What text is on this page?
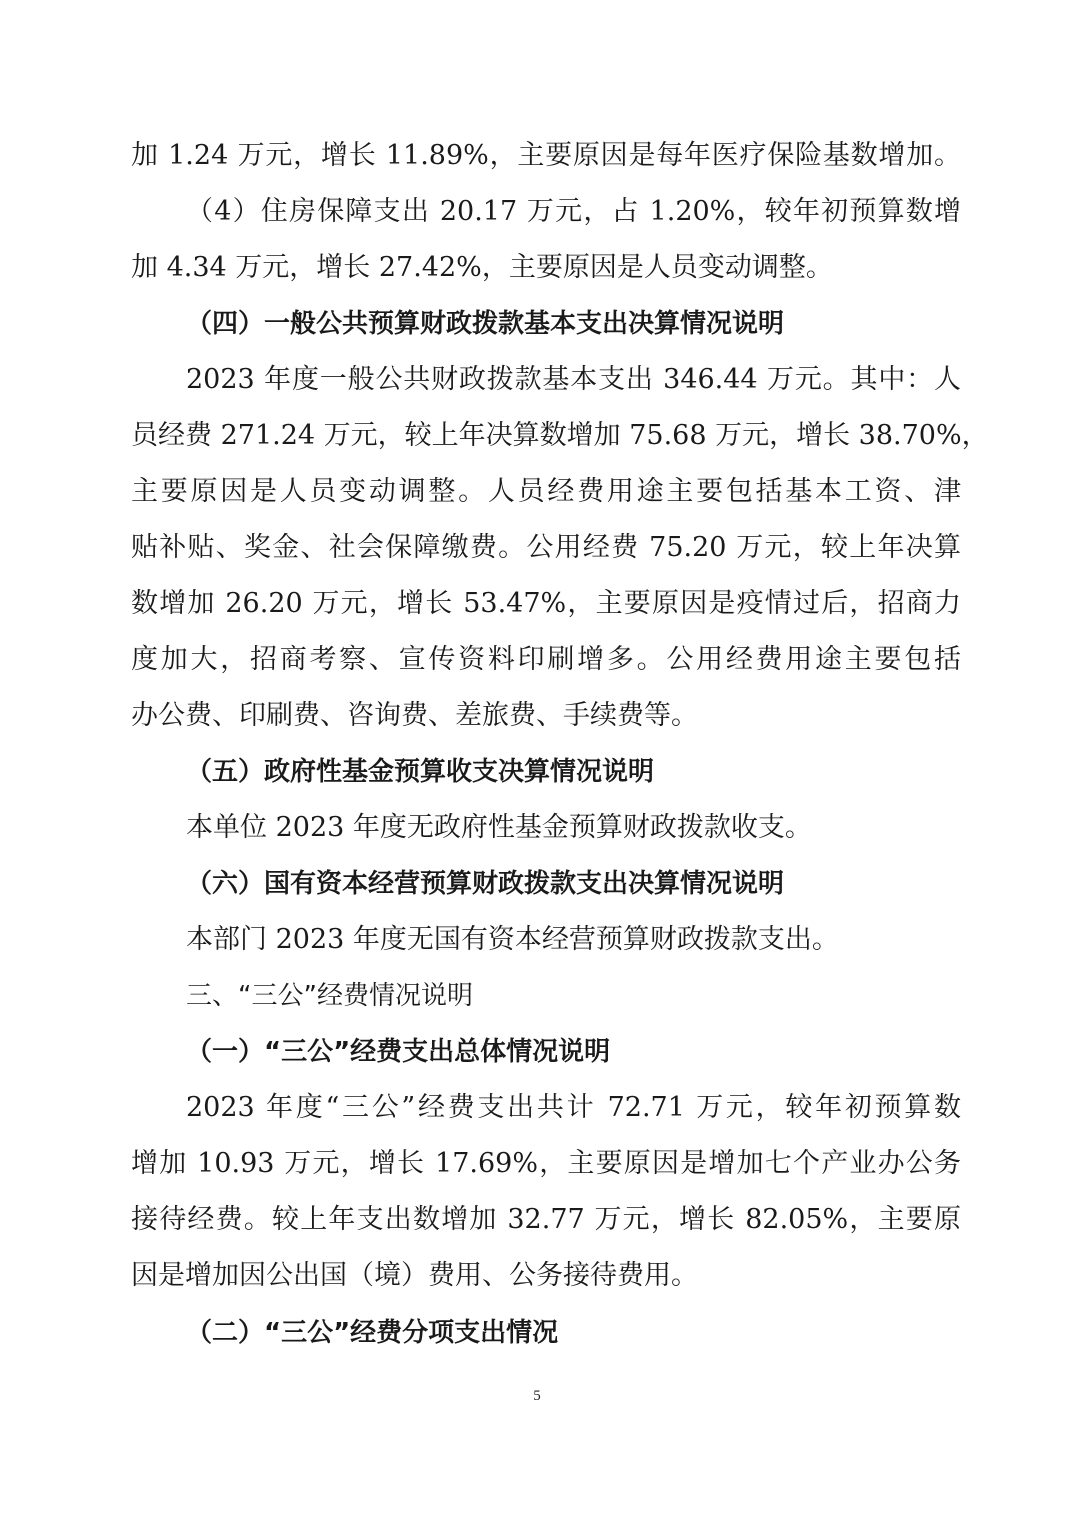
加 1.24 万元，增长 11.89%，主要原因是每年医疗保险基数增加。
（4）住房保障支出 20.17 万元，占 1.20%，较年初预算数增
加 4.34 万元，增长 27.42%，主要原因是人员变动调整。
（四）一般公共预算财政拨款基本支出决算情况说明
2023 年度一般公共财政拨款基本支出 346.44 万元。其中：人
员经费 271.24 万元，较上年决算数增加 75.68 万元，增长 38.70%，
主要原因是人员变动调整。人员经费用途主要包括基本工资、津
贴补贴、奖金、社会保障缴费。公用经费 75.20 万元，较上年决算
数增加 26.20 万元，增长 53.47%，主要原因是疫情过后，招商力
度加大，招商考察、宣传资料印刷增多。公用经费用途主要包括
办公费、印刷费、咨询费、差旅费、手续费等。
（五）政府性基金预算收支决算情况说明
本单位 2023 年度无政府性基金预算财政拨款收支。
（六）国有资本经营预算财政拨款支出决算情况说明
本部门 2023 年度无国有资本经营预算财政拨款支出。
三、“三公”经费情况说明
（一）“三公”经费支出总体情况说明
2023 年度“三公”经费支出共计 72.71 万元，较年初预算数
增加 10.93 万元，增长 17.69%，主要原因是增加七个产业办公务
接待经费。较上年支出数增加 32.77 万元，增长 82.05%，主要原
因是增加因公出国（境）费用、公务接待费用。
（二）“三公”经费分项支出情况
5
